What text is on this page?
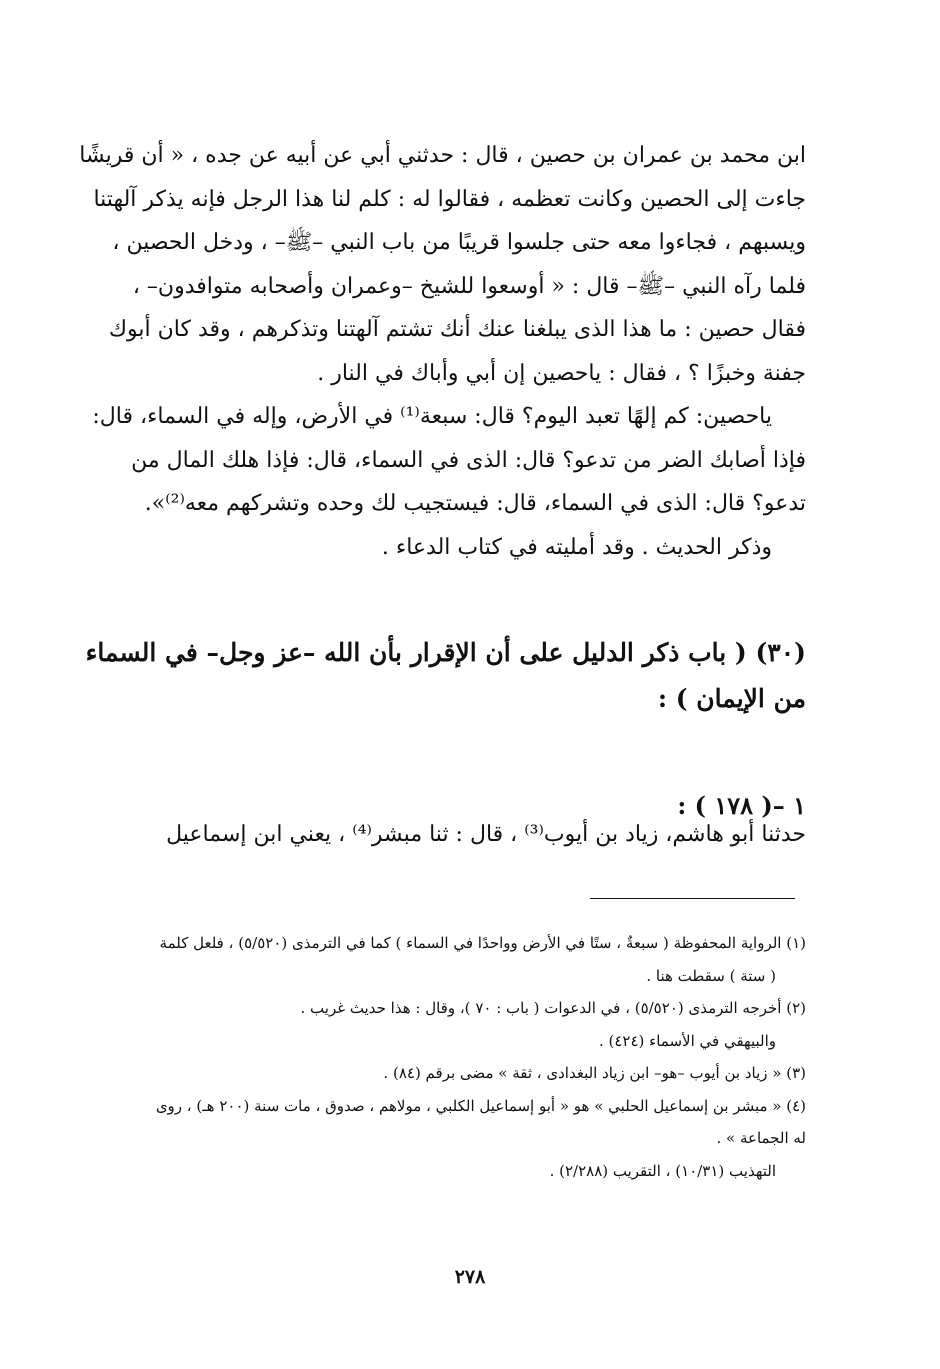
ابن محمد بن عمران بن حصين ، قال : حدثني أبي عن أبيه عن جده ، « أن قريشًا
جاءت إلى الحصين وكانت تعظمه ، فقالوا له : كلم لنا هذا الرجل فإنه يذكر آلهتنا
ويسبهم ، فجاءوا معه حتى جلسوا قريبًا من باب النبي –ﷺ– ، ودخل الحصين ،
فلما رآه النبي –ﷺ– قال : « أوسعوا للشيخ –وعمران وأصحابه متوافدون– ،
فقال حصين : ما هذا الذى يبلغنا عنك أنك تشتم آلهتنا وتذكرهم ، وقد كان أبوك
جفنة وخبزًا ؟ ، فقال : ياحصين إن أبي وأباك في النار .
ياحصين: كم إلهًا تعبد اليوم؟ قال: سبعة⁽¹⁾ في الأرض، وإله في السماء، قال:
فإذا أصابك الضر من تدعو؟ قال: الذى في السماء، قال: فإذا هلك المال من
تدعو؟ قال: الذى في السماء، قال: فيستجيب لك وحده وتشركهم معه⁽²⁾».
وذكر الحديث . وقد أمليته في كتاب الدعاء .
(٣٠) ( باب ذكر الدليل على أن الإقرار بأن الله –عز وجل– في السماء
من الإيمان ) :
١ –( ١٧٨ ) :
حدثنا أبو هاشم، زياد بن أيوب⁽³⁾ ، قال : ثنا مبشر⁽⁴⁾ ، يعني ابن إسماعيل
(١) الرواية المحفوظة ( سبعةٌ ، ستًا في الأرض وواحدًا في السماء ) كما في الترمذى (٥/٥٢٠) ، فلعل كلمة
( ستة ) سقطت هنا .
(٢) أخرجه الترمذى (٥/٥٢٠) ، في الدعوات ( باب : ٧٠ )، وقال : هذا حديث غريب .
والبيهقي في الأسماء (٤٢٤) .
(٣) « زياد بن أيوب –هو– ابن زياد البغدادى ، ثقة » مضى برقم (٨٤) .
(٤) « مبشر بن إسماعيل الحلبي » هو « أبو إسماعيل الكلبي ، مولاهم ، صدوق ، مات سنة (٢٠٠ هـ) ، روى
له الجماعة » .
التهذيب (١٠/٣١) ، التقريب (٢/٢٨٨) .
٢٧٨
